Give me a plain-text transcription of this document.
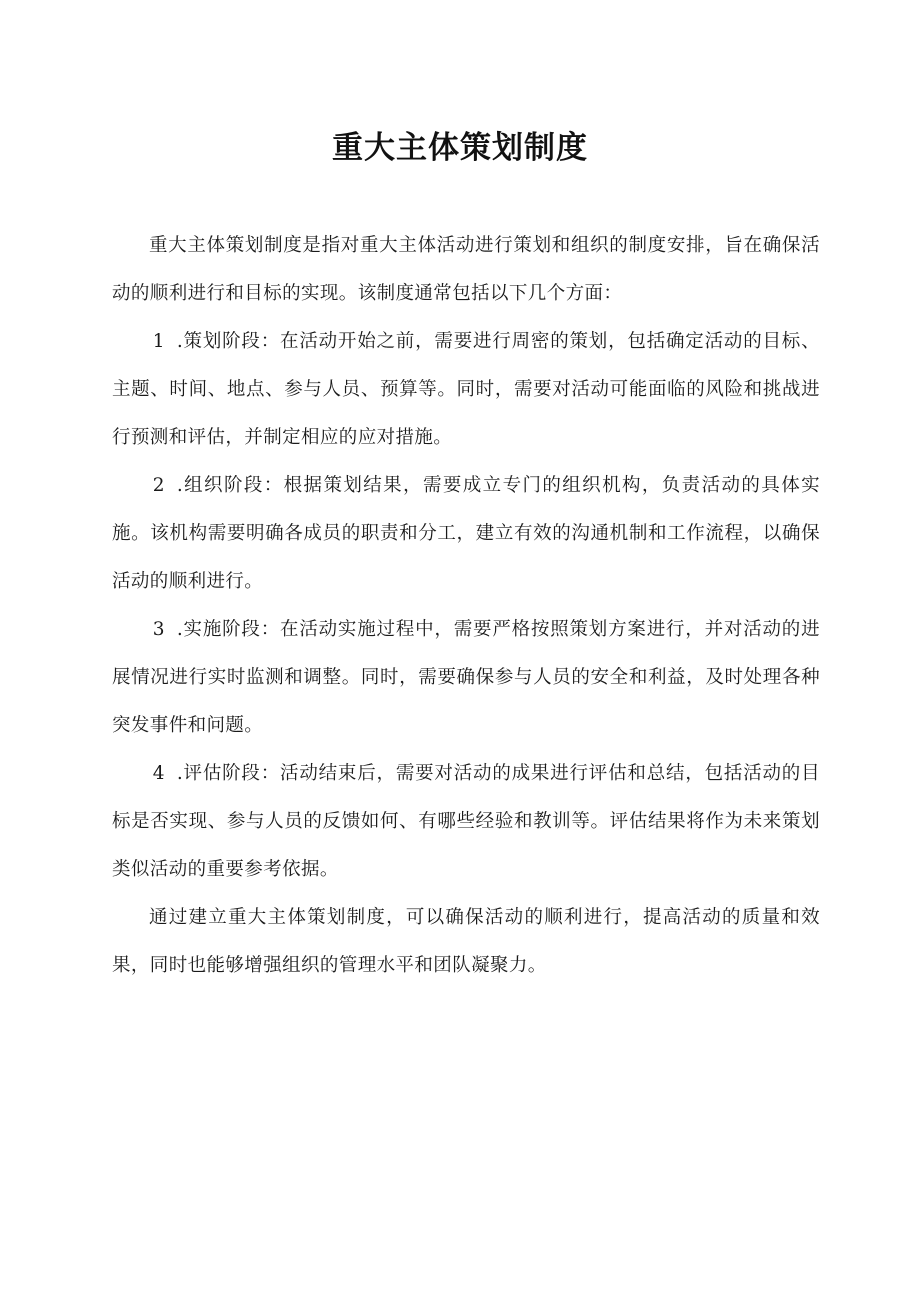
重大主体策划制度

重大主体策划制度是指对重大主体活动进行策划和组织的制度安排，旨在确保活动的顺利进行和目标的实现。该制度通常包括以下几个方面：

1 .策划阶段：在活动开始之前，需要进行周密的策划，包括确定活动的目标、主题、时间、地点、参与人员、预算等。同时，需要对活动可能面临的风险和挑战进行预测和评估，并制定相应的应对措施。

2 .组织阶段：根据策划结果，需要成立专门的组织机构，负责活动的具体实施。该机构需要明确各成员的职责和分工，建立有效的沟通机制和工作流程，以确保活动的顺利进行。

3 .实施阶段：在活动实施过程中，需要严格按照策划方案进行，并对活动的进展情况进行实时监测和调整。同时，需要确保参与人员的安全和利益，及时处理各种突发事件和问题。

4 .评估阶段：活动结束后，需要对活动的成果进行评估和总结，包括活动的目标是否实现、参与人员的反馈如何、有哪些经验和教训等。评估结果将作为未来策划类似活动的重要参考依据。

通过建立重大主体策划制度，可以确保活动的顺利进行，提高活动的质量和效果，同时也能够增强组织的管理水平和团队凝聚力。
